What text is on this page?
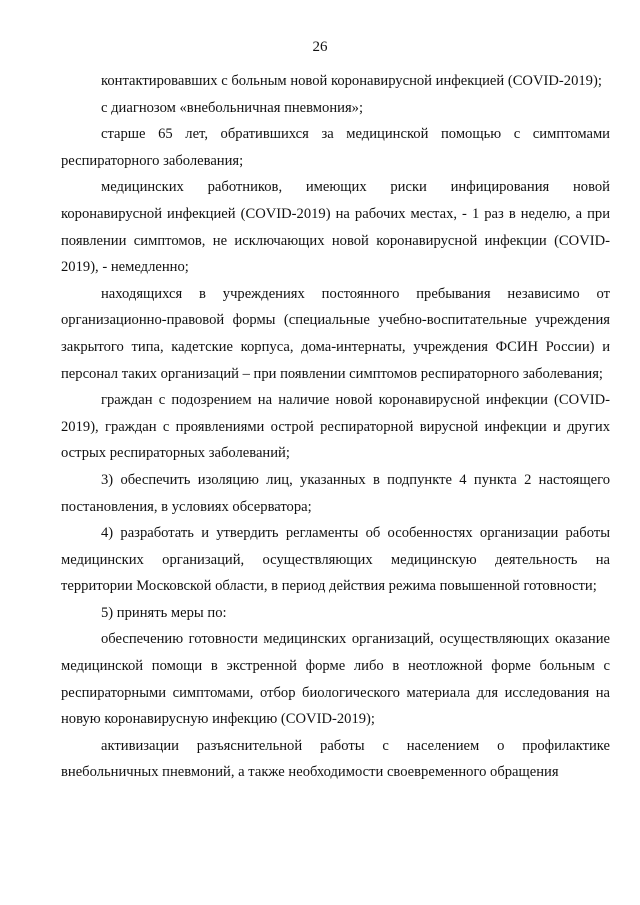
26

контактировавших с больным новой коронавирусной инфекцией (COVID-2019);

с диагнозом «внебольничная пневмония»;

старше 65 лет, обратившихся за медицинской помощью с симптомами респираторного заболевания;

медицинских работников, имеющих риски инфицирования новой коронавирусной инфекцией (COVID-2019) на рабочих местах, - 1 раз в неделю, а при появлении симптомов, не исключающих новой коронавирусной инфекции (COVID-2019), - немедленно;

находящихся в учреждениях постоянного пребывания независимо от организационно-правовой формы (специальные учебно-воспитательные учреждения закрытого типа, кадетские корпуса, дома-интернаты, учреждения ФСИН России) и персонал таких организаций – при появлении симптомов респираторного заболевания;

граждан с подозрением на наличие новой коронавирусной инфекции (COVID-2019), граждан с проявлениями острой респираторной вирусной инфекции и других острых респираторных заболеваний;

3) обеспечить изоляцию лиц, указанных в подпункте 4 пункта 2 настоящего постановления, в условиях обсерватора;

4) разработать и утвердить регламенты об особенностях организации работы медицинских организаций, осуществляющих медицинскую деятельность на территории Московской области, в период действия режима повышенной готовности;

5) принять меры по:

обеспечению готовности медицинских организаций, осуществляющих оказание медицинской помощи в экстренной форме либо в неотложной форме больным с респираторными симптомами, отбор биологического материала для исследования на новую коронавирусную инфекцию (COVID-2019);

активизации разъяснительной работы с населением о профилактике внебольничных пневмоний, а также необходимости своевременного обращения
